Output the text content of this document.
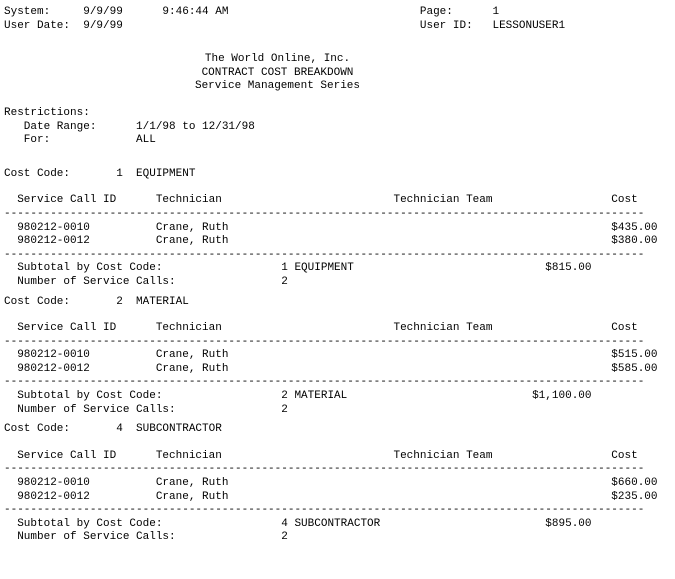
System:     9/9/99      9:46:44 AM                             Page:      1
User Date:  9/9/99                                             User ID:   LESSONUSER1
The World Online, Inc.
CONTRACT COST BREAKDOWN
Service Management Series
Restrictions:
Date Range:      1/1/98 to 12/31/98
For:             ALL
Cost Code:       1  EQUIPMENT
Service Call ID      Technician                          Technician Team                  Cost
-------------------------------------------------------------------------------------------------
980212-0010          Crane, Ruth                                                          $435.00
980212-0012          Crane, Ruth                                                          $380.00
-------------------------------------------------------------------------------------------------
Subtotal by Cost Code:                  1 EQUIPMENT                             $815.00
Number of Service Calls:                2
Cost Code:       2  MATERIAL
Service Call ID      Technician                          Technician Team                  Cost
-------------------------------------------------------------------------------------------------
980212-0010          Crane, Ruth                                                          $515.00
980212-0012          Crane, Ruth                                                          $585.00
-------------------------------------------------------------------------------------------------
Subtotal by Cost Code:                  2 MATERIAL                            $1,100.00
Number of Service Calls:                2
Cost Code:       4  SUBCONTRACTOR
Service Call ID      Technician                          Technician Team                  Cost
-------------------------------------------------------------------------------------------------
980212-0010          Crane, Ruth                                                          $660.00
980212-0012          Crane, Ruth                                                          $235.00
-------------------------------------------------------------------------------------------------
Subtotal by Cost Code:                  4 SUBCONTRACTOR                         $895.00
Number of Service Calls:                2
